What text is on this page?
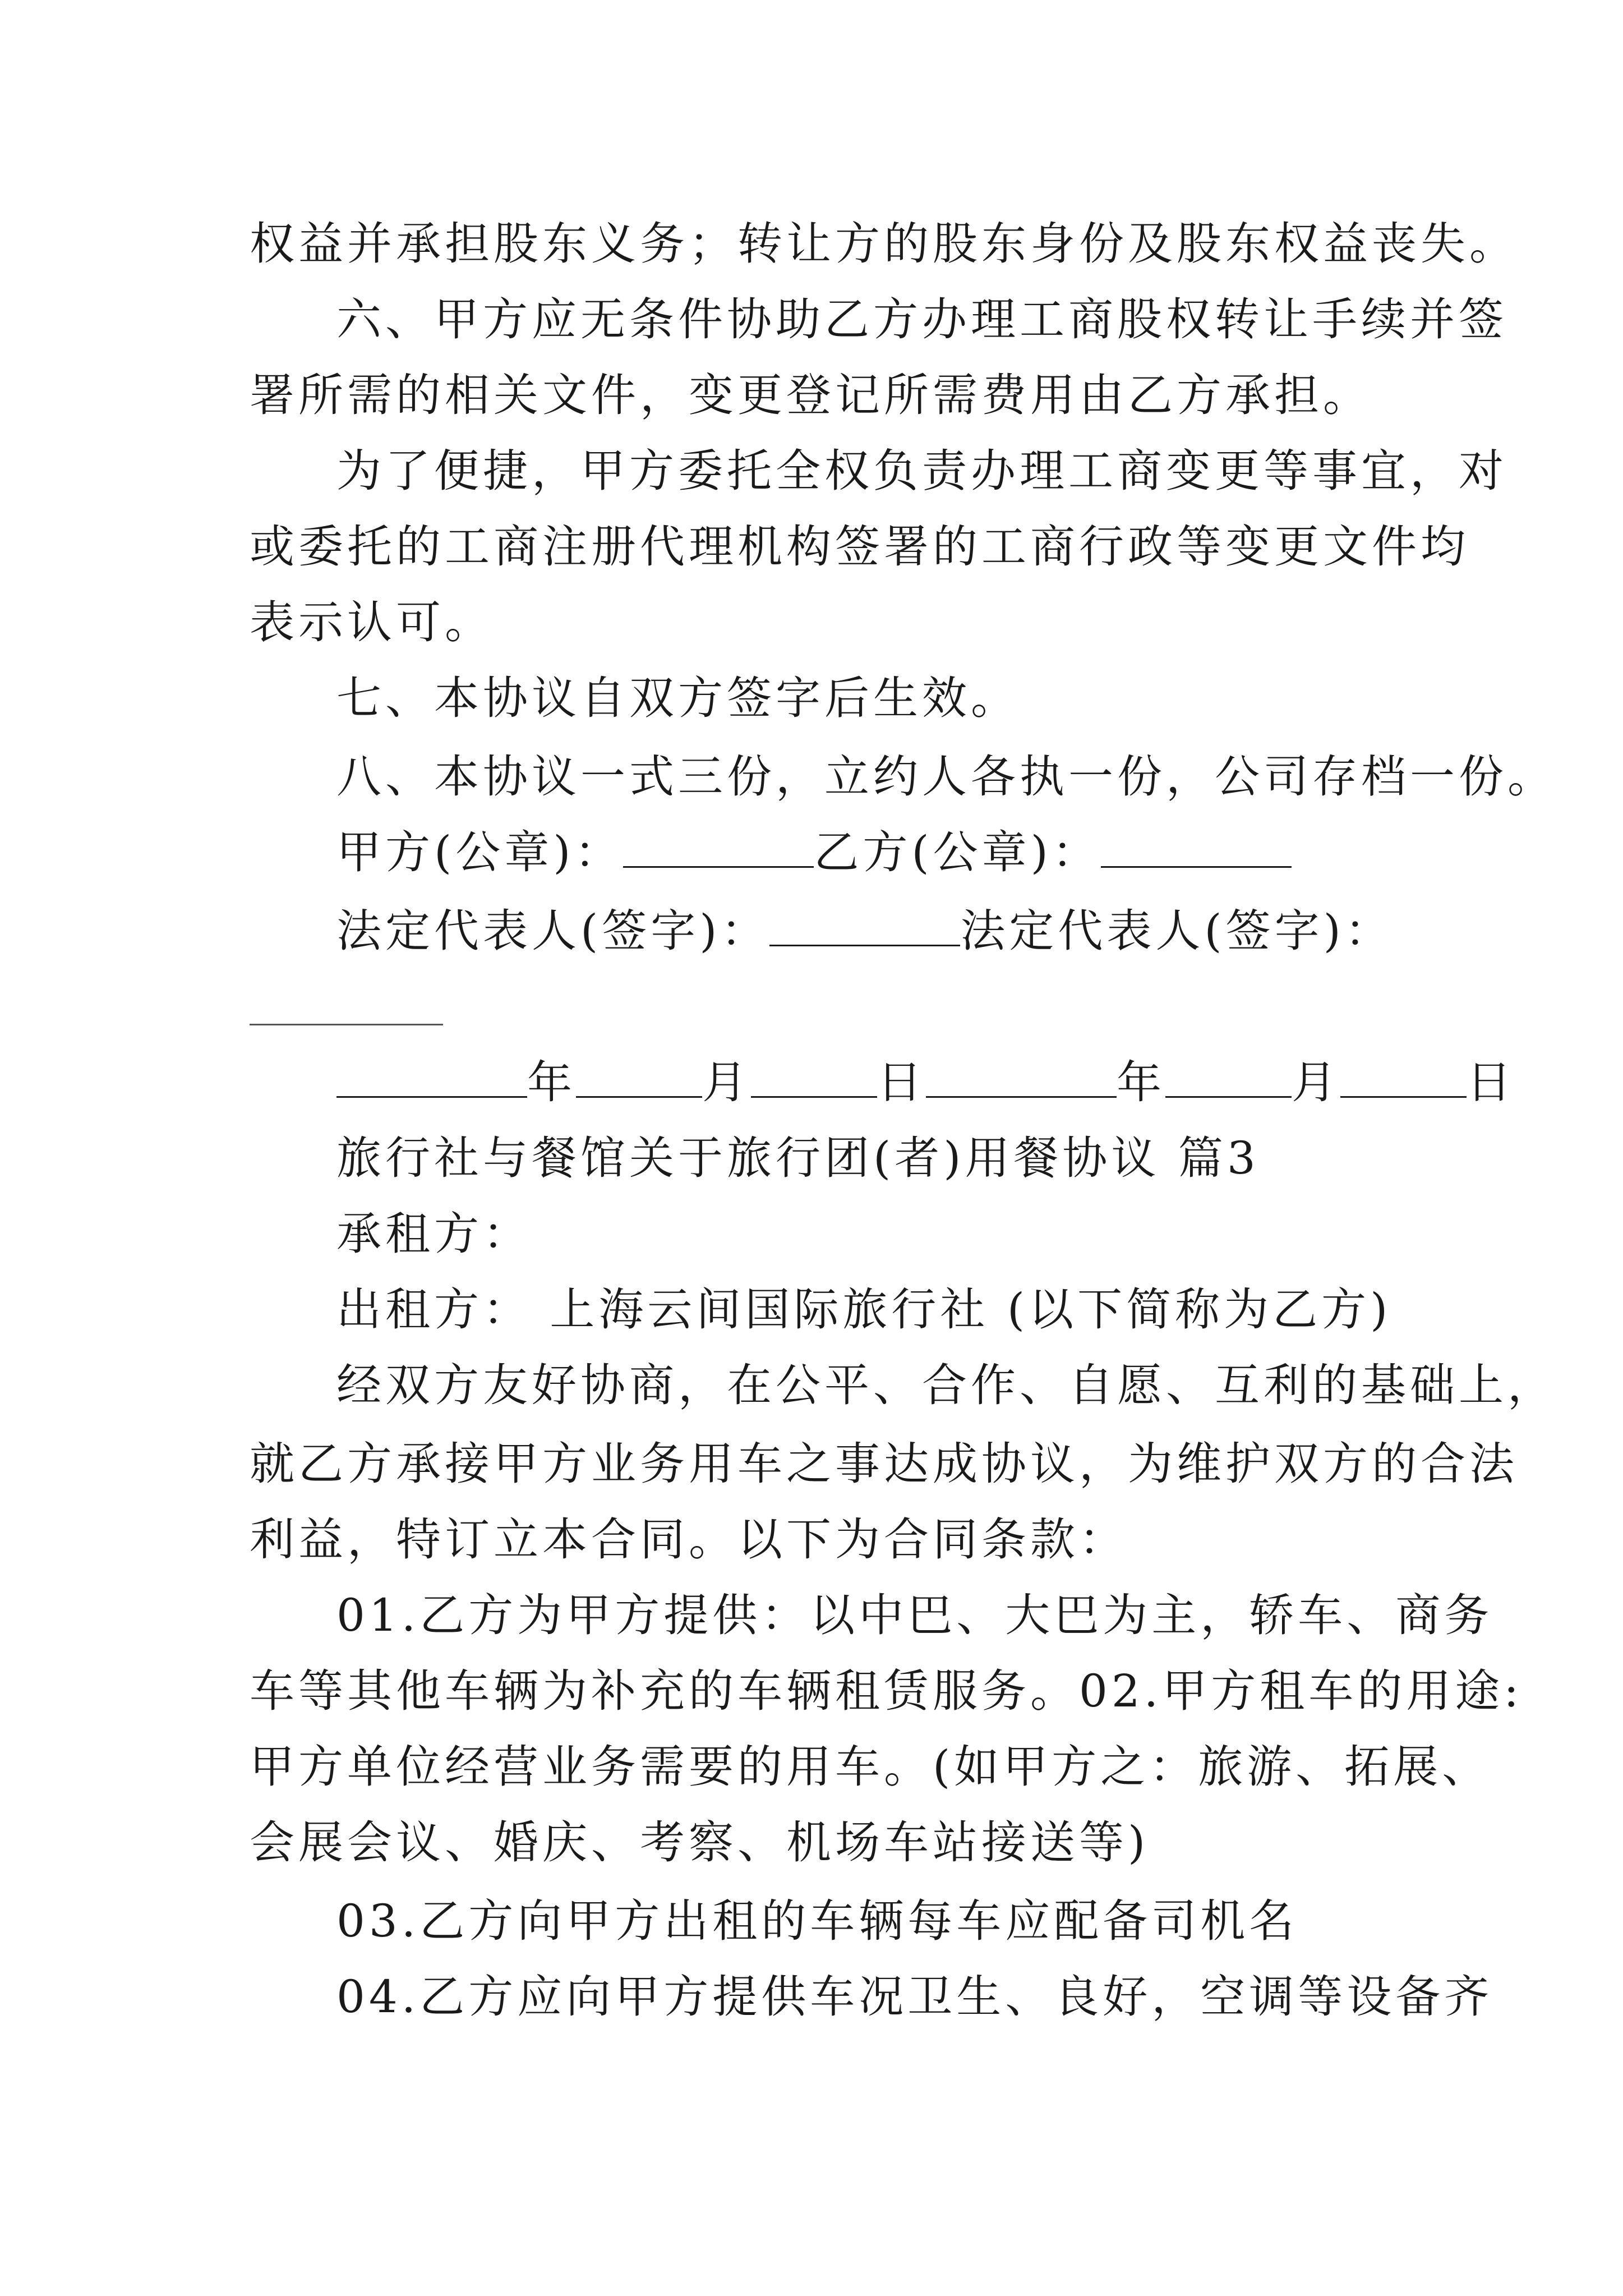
权益并承担股东义务；转让方的股东身份及股东权益丧失。
六、甲方应无条件协助乙方办理工商股权转让手续并签
署所需的相关文件，变更登记所需费用由乙方承担。
为了便捷，甲方委托全权负责办理工商变更等事宜，对
或委托的工商注册代理机构签署的工商行政等变更文件均
表示认可。
七、本协议自双方签字后生效。
八、本协议一式三份，立约人各执一份，公司存档一份。
甲方(公章)：	乙方(公章)：
法定代表人(签字)：	法定代表人(签字)：
年	月	日	年	月	日
旅行社与餐馆关于旅行团(者)用餐协议 篇3
承租方：
出租方： 上海云间国际旅行社 (以下简称为乙方)
经双方友好协商，在公平、合作、自愿、互利的基础上，
就乙方承接甲方业务用车之事达成协议，为维护双方的合法
利益，特订立本合同。以下为合同条款：
01.乙方为甲方提供：以中巴、大巴为主，轿车、商务
车等其他车辆为补充的车辆租赁服务。02.甲方租车的用途:
甲方单位经营业务需要的用车。(如甲方之：旅游、拓展、
会展会议、婚庆、考察、机场车站接送等)
03.乙方向甲方出租的车辆每车应配备司机名
04.乙方应向甲方提供车况卫生、良好，空调等设备齐
